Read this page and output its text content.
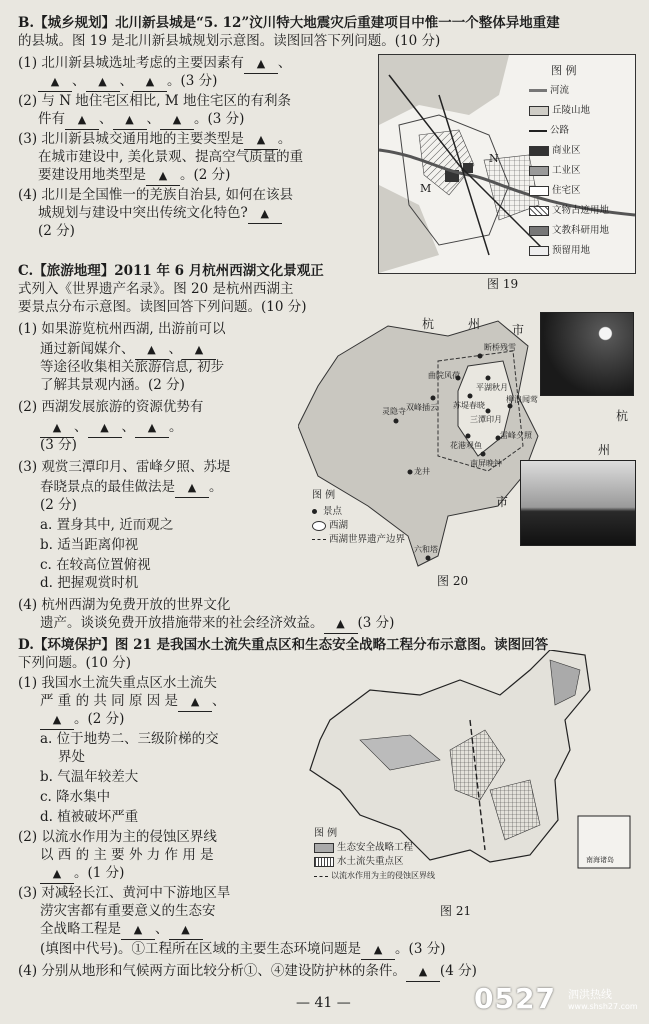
B.【城乡规划】北川新县城是“5. 12”汶川特大地震灾后重建项目中惟一一个整体异地重建
的县城。图 19 是北川新县城规划示意图。读图回答下列问题。(10 分)
(1) 北川新县城选址考虑的主要因素有 ▲ 、
▲ 、 ▲ 、 ▲ 。(3 分)
(2) 与 N 地住宅区相比, M 地住宅区的有利条
件有 ▲ 、 ▲ 、 ▲ 。(3 分)
(3) 北川新县城交通用地的主要类型是 ▲ 。
在城市建设中, 美化景观、提高空气质量的重
要建设用地类型是 ▲ 。(2 分)
(4) 北川是全国惟一的羌族自治县, 如何在该县
城规划与建设中突出传统文化特色? ▲
(2 分)
M
N
图 例
河流
丘陵山地
公路
商业区
工业区
住宅区
文物古迹用地
文教科研用地
预留用地
图 19
C.【旅游地理】2011 年 6 月杭州西湖文化景观正
式列入《世界遗产名录》。图 20 是杭州西湖主
要景点分布示意图。读图回答下列问题。(10 分)
(1) 如果游览杭州西湖, 出游前可以
通过新闻媒介、 ▲ 、 ▲
等途径收集相关旅游信息, 初步
了解其景观内涵。(2 分)
(2) 西湖发展旅游的资源优势有
▲ 、 ▲ 、 ▲ 。
(3 分)
(3) 观赏三潭印月、雷峰夕照、苏堤
春晓景点的最佳做法是 ▲ 。
(2 分)
a. 置身其中, 近而观之
b. 适当距离仰视
c. 在较高位置俯视
d. 把握观赏时机
(4) 杭州西湖为免费开放的世界文化
遗产。谈谈免费开放措施带来的社会经济效益。 ▲ (3 分)
断桥残雪
曲院风荷
平湖秋月
苏堤春晓
双峰插云
三潭印月
柳浪闻莺
花港观鱼
雷峰夕照
南屏晚钟
灵隐寺
龙井
六和塔
杭	州	市
杭
州
市
图 例
景点
西湖
西湖世界遗产边界
图 20
D.【环境保护】图 21 是我国水土流失重点区和生态安全战略工程分布示意图。读图回答
下列问题。(10 分)
(1) 我国水土流失重点区水土流失
严 重 的 共 同 原 因 是 ▲ 、
▲ 。(2 分)
a. 位于地势二、三级阶梯的交
界处
b. 气温年较差大
c. 降水集中
d. 植被破坏严重
(2) 以流水作用为主的侵蚀区界线
以 西 的 主 要 外 力 作 用 是
▲ 。(1 分)
(3) 对减轻长江、黄河中下游地区旱
涝灾害都有重要意义的生态安
全战略工程是 ▲ 、 ▲
(填图中代号)。①工程所在区域的主要生态环境问题是 ▲ 。(3 分)
(4) 分别从地形和气候两方面比较分析①、④建设防护林的条件。 ▲ (4 分)
南海诸岛
图 例
生态安全战略工程
水土流失重点区
以流水作用为主的侵蚀区界线
图 21
— 41 —	0527 泗洪热线
www.shsh27.com
